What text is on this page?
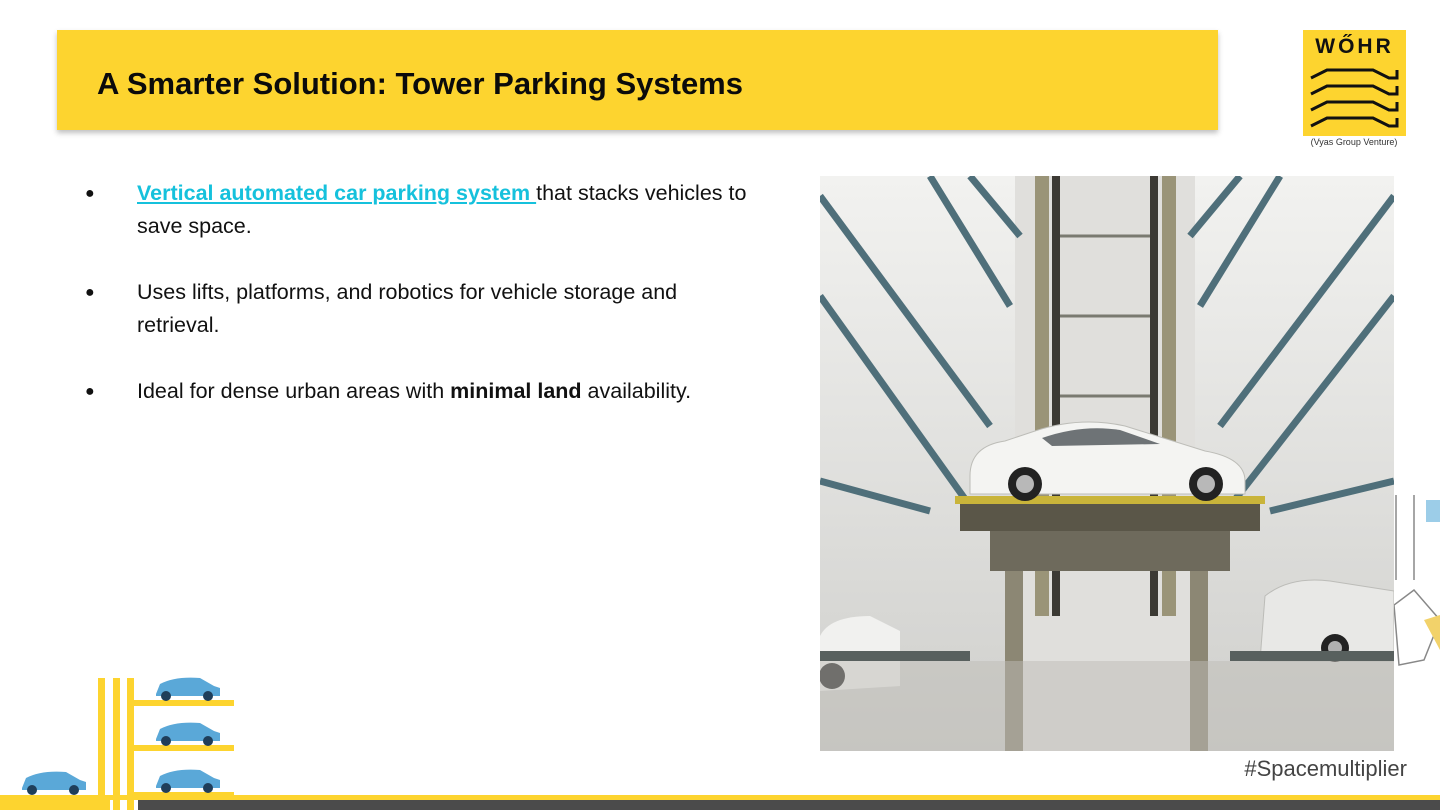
A Smarter Solution: Tower Parking Systems
WŐHR
(Vyas Group Venture)
● Vertical automated car parking system that stacks vehicles to save space.
● Uses lifts, platforms, and robotics for vehicle storage and retrieval.
● Ideal for dense urban areas with minimal land availability.
#Spacemultiplier
